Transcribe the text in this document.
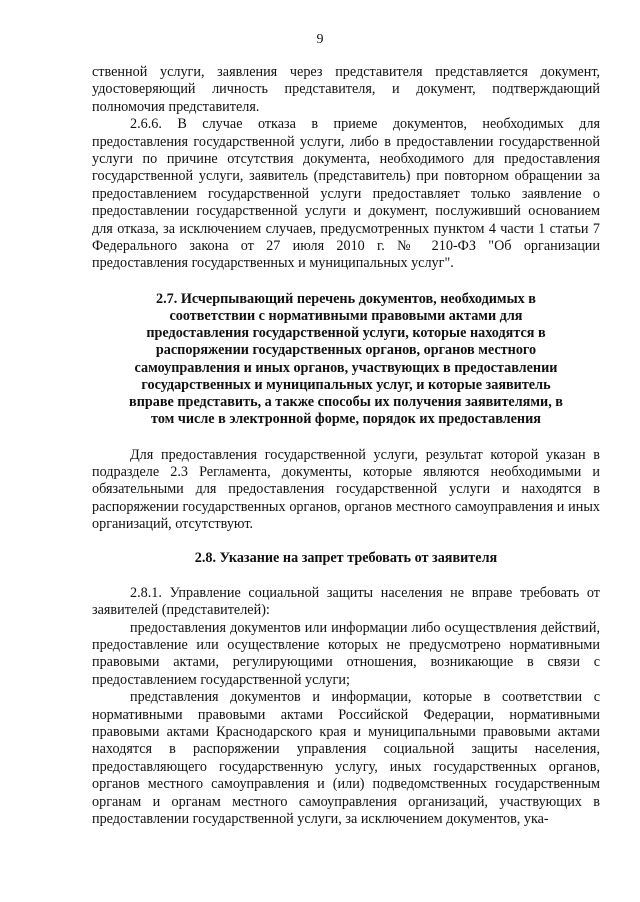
9

ственной услуги, заявления через представителя представляется документ, удостоверяющий личность представителя, и документ, подтверждающий полномочия представителя.

2.6.6. В случае отказа в приеме документов, необходимых для предоставления государственной услуги, либо в предоставлении государственной услуги по причине отсутствия документа, необходимого для предоставления государственной услуги, заявитель (представитель) при повторном обращении за предоставлением государственной услуги предоставляет только заявление о предоставлении государственной услуги и документ, послуживший основанием для отказа, за исключением случаев, предусмотренных пунктом 4 части 1 статьи 7 Федерального закона от 27 июля 2010 г. № 210-ФЗ "Об организации предоставления государственных и муниципальных услуг".

2.7. Исчерпывающий перечень документов, необходимых в соответствии с нормативными правовыми актами для предоставления государственной услуги, которые находятся в распоряжении государственных органов, органов местного самоуправления и иных органов, участвующих в предоставлении государственных и муниципальных услуг, и которые заявитель вправе представить, а также способы их получения заявителями, в том числе в электронной форме, порядок их предоставления

Для предоставления государственной услуги, результат которой указан в подразделе 2.3 Регламента, документы, которые являются необходимыми и обязательными для предоставления государственной услуги и находятся в распоряжении государственных органов, органов местного самоуправления и иных организаций, отсутствуют.

2.8. Указание на запрет требовать от заявителя

2.8.1. Управление социальной защиты населения не вправе требовать от заявителей (представителей):

предоставления документов или информации либо осуществления действий, предоставление или осуществление которых не предусмотрено нормативными правовыми актами, регулирующими отношения, возникающие в связи с предоставлением государственной услуги;

представления документов и информации, которые в соответствии с нормативными правовыми актами Российской Федерации, нормативными правовыми актами Краснодарского края и муниципальными правовыми актами находятся в распоряжении управления социальной защиты населения, предоставляющего государственную услугу, иных государственных органов, органов местного самоуправления и (или) подведомственных государственным органам и органам местного самоуправления организаций, участвующих в предоставлении государственной услуги, за исключением документов, ука-
